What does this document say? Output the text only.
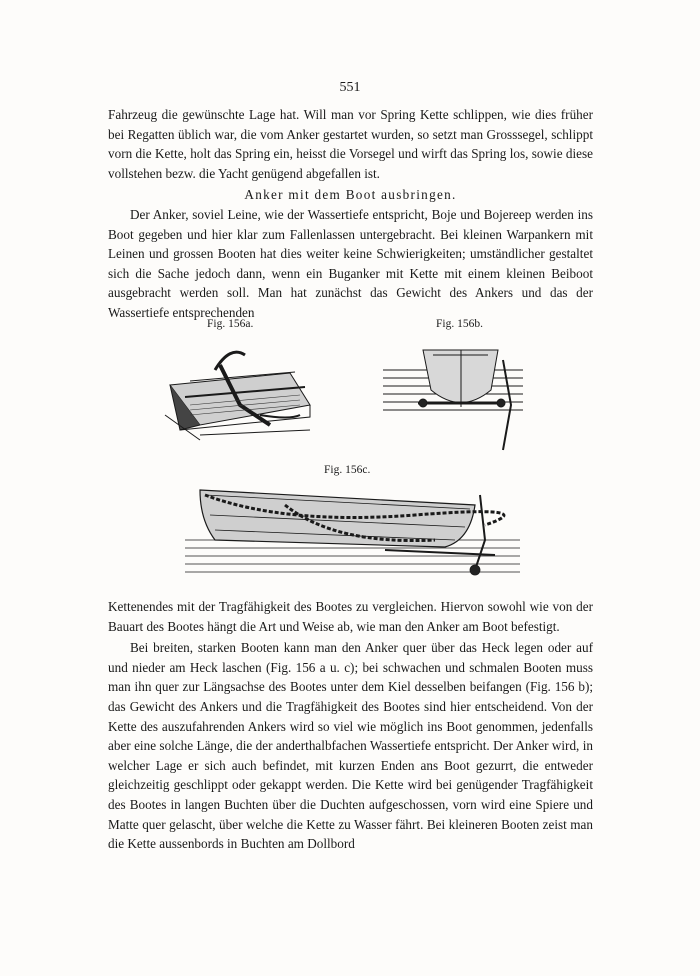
551

Fahrzeug die gewünschte Lage hat. Will man vor Spring Kette schlippen, wie dies früher bei Regatten üblich war, die vom Anker gestartet wurden, so setzt man Grosssegel, schlippt vorn die Kette, holt das Spring ein, heisst die Vorsegel und wirft das Spring los, sowie diese vollstehen bezw. die Yacht genügend abgefallen ist.

Anker mit dem Boot ausbringen.

Der Anker, soviel Leine, wie der Wassertiefe entspricht, Boje und Bojereep werden ins Boot gegeben und hier klar zum Fallenlassen untergebracht. Bei kleinen Warpankern mit Leinen und grossen Booten hat dies weiter keine Schwierigkeiten; umständlicher gestaltet sich die Sache jedoch dann, wenn ein Buganker mit Kette mit einem kleinen Beiboot ausgebracht werden soll. Man hat zunächst das Gewicht des Ankers und das der Wassertiefe entsprechenden

Fig. 156a.	Fig. 156b.
Fig. 156c.

Kettenendes mit der Tragfähigkeit des Bootes zu vergleichen. Hiervon sowohl wie von der Bauart des Bootes hängt die Art und Weise ab, wie man den Anker am Boot befestigt.

Bei breiten, starken Booten kann man den Anker quer über das Heck legen oder auf und nieder am Heck laschen (Fig. 156 a u. c); bei schwachen und schmalen Booten muss man ihn quer zur Längsachse des Bootes unter dem Kiel desselben beifangen (Fig. 156 b); das Gewicht des Ankers und die Tragfähigkeit des Bootes sind hier entscheidend. Von der Kette des auszufahrenden Ankers wird so viel wie möglich ins Boot genommen, jedenfalls aber eine solche Länge, die der anderthalbfachen Wassertiefe entspricht. Der Anker wird, in welcher Lage er sich auch befindet, mit kurzen Enden ans Boot gezurrt, die entweder gleichzeitig geschlippt oder gekappt werden. Die Kette wird bei genügender Tragfähigkeit des Bootes in langen Buchten über die Duchten aufgeschossen, vorn wird eine Spiere und Matte quer gelascht, über welche die Kette zu Wasser fährt. Bei kleineren Booten zeist man die Kette aussenbords in Buchten am Dollbord
